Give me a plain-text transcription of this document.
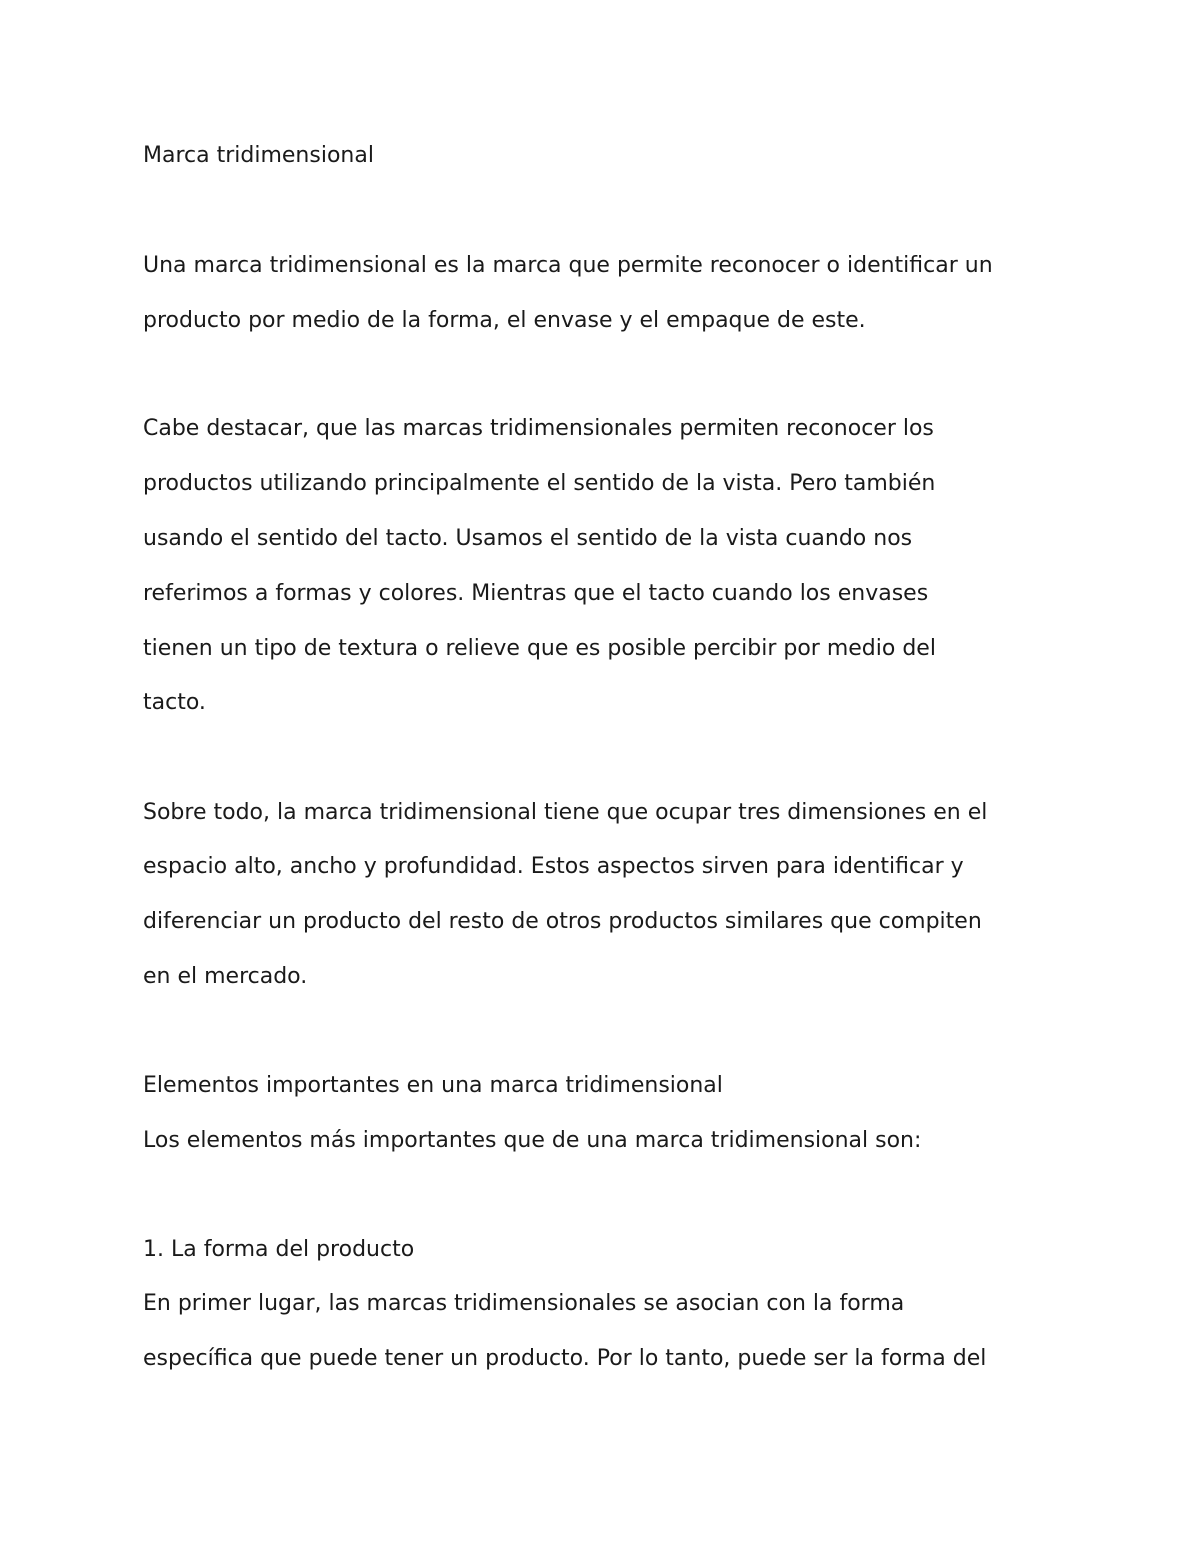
Marca tridimensional
Una marca tridimensional es la marca que permite reconocer o identificar un
producto por medio de la forma, el envase y el empaque de este.
Cabe destacar, que las marcas tridimensionales permiten reconocer los
productos utilizando principalmente el sentido de la vista. Pero también
usando el sentido del tacto. Usamos el sentido de la vista cuando nos
referimos a formas y colores. Mientras que el tacto cuando los envases
tienen un tipo de textura o relieve que es posible percibir por medio del
tacto.
Sobre todo, la marca tridimensional tiene que ocupar tres dimensiones en el
espacio alto, ancho y profundidad. Estos aspectos sirven para identificar y
diferenciar un producto del resto de otros productos similares que compiten
en el mercado.
Elementos importantes en una marca tridimensional
Los elementos más importantes que de una marca tridimensional son:
1. La forma del producto
En primer lugar, las marcas tridimensionales se asocian con la forma
específica que puede tener un producto. Por lo tanto, puede ser la forma del
